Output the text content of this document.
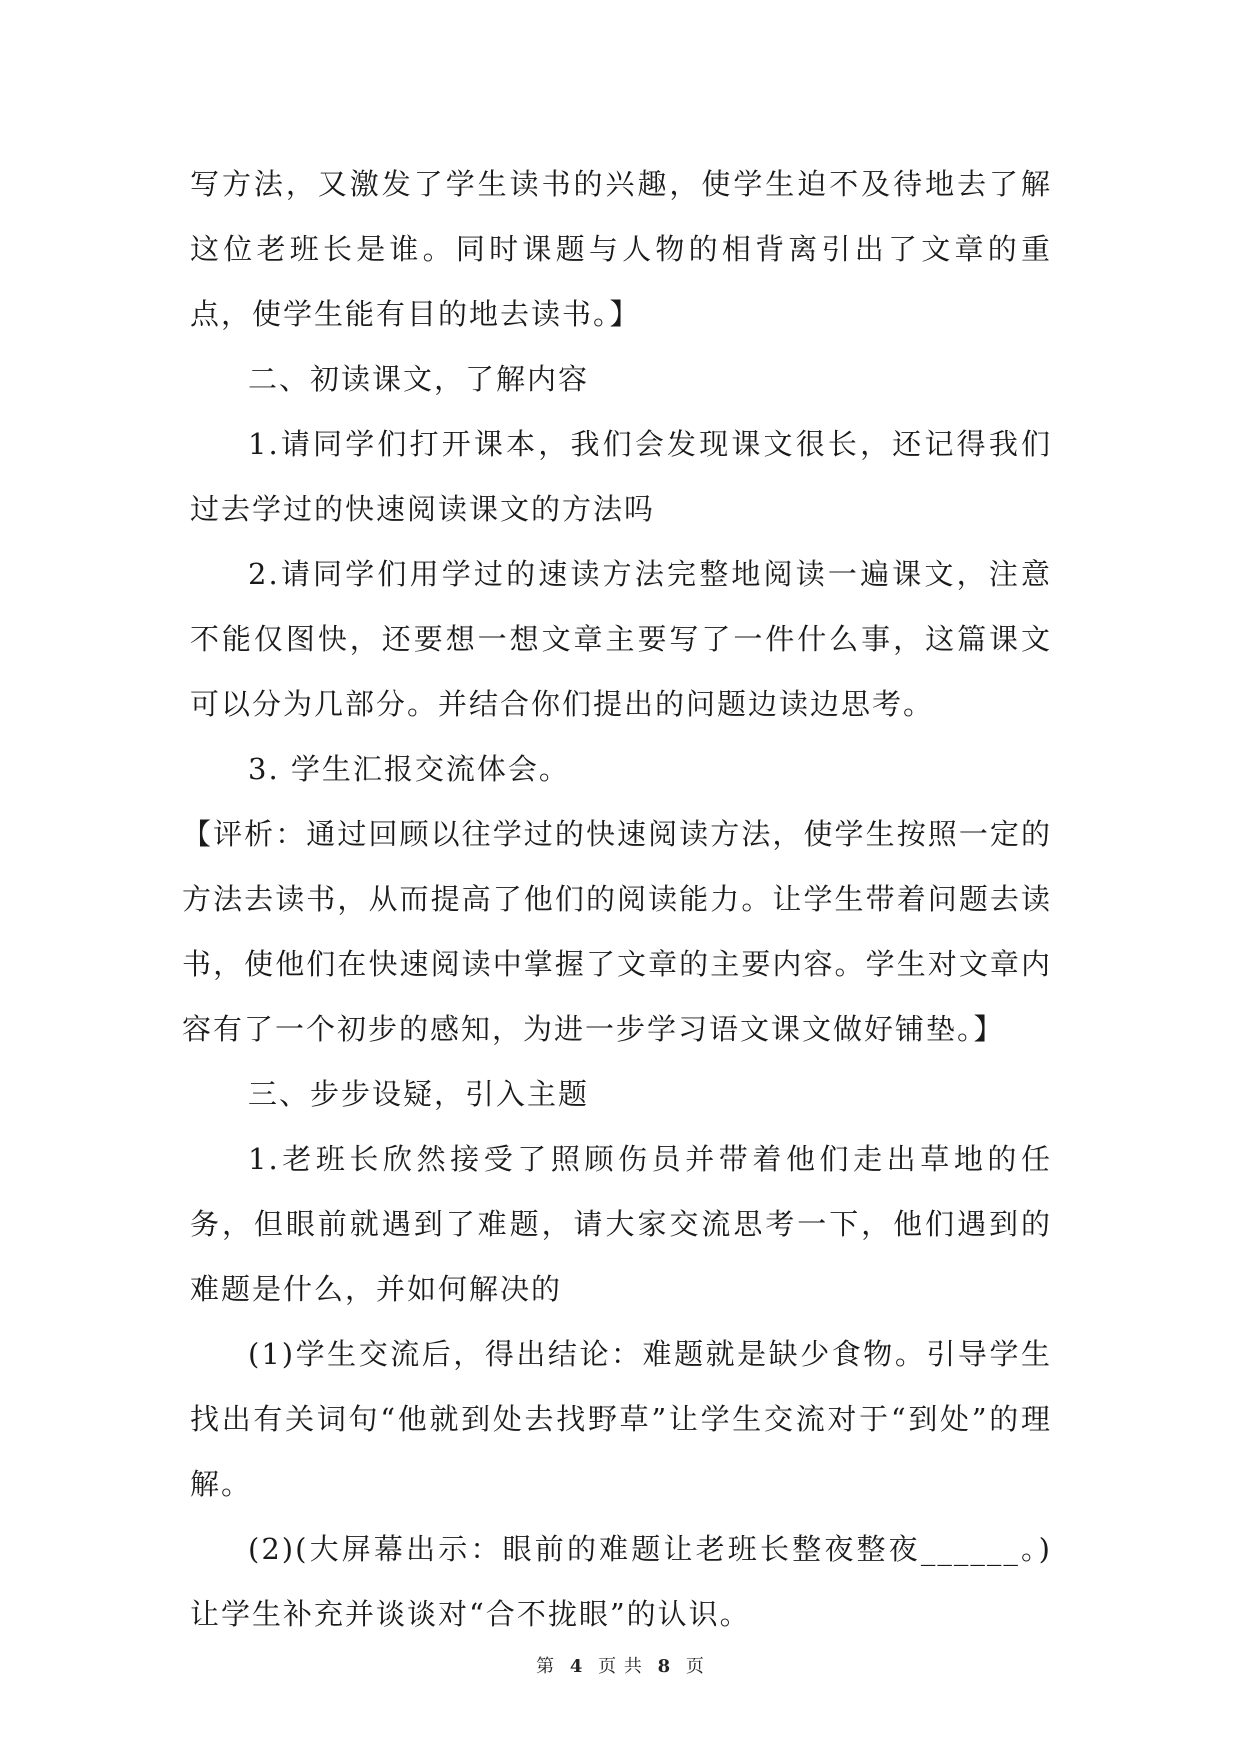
写方法，又激发了学生读书的兴趣，使学生迫不及待地去了解这位老班长是谁。同时课题与人物的相背离引出了文章的重点，使学生能有目的地去读书。】

二、初读课文，了解内容

1.请同学们打开课本，我们会发现课文很长，还记得我们过去学过的快速阅读课文的方法吗

2.请同学们用学过的速读方法完整地阅读一遍课文，注意不能仅图快，还要想一想文章主要写了一件什么事，这篇课文可以分为几部分。并结合你们提出的问题边读边思考。

3. 学生汇报交流体会。

【评析：通过回顾以往学过的快速阅读方法，使学生按照一定的方法去读书，从而提高了他们的阅读能力。让学生带着问题去读书，使他们在快速阅读中掌握了文章的主要内容。学生对文章内容有了一个初步的感知，为进一步学习语文课文做好铺垫。】

三、步步设疑，引入主题

1.老班长欣然接受了照顾伤员并带着他们走出草地的任务，但眼前就遇到了难题，请大家交流思考一下，他们遇到的难题是什么，并如何解决的

(1)学生交流后，得出结论：难题就是缺少食物。引导学生找出有关词句“他就到处去找野草”让学生交流对于“到处”的理解。

(2)(大屏幕出示：眼前的难题让老班长整夜整夜______。)让学生补充并谈谈对“合不拢眼”的认识。

第 4 页 共 8 页
